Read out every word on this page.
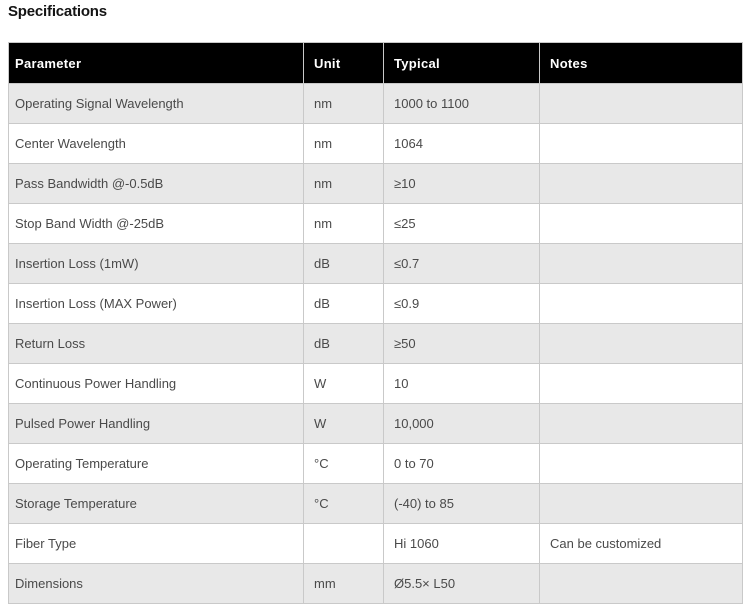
Specifications
Parameter	Unit	Typical	Notes
Operating Signal Wavelength	nm	1000 to 1100	
Center Wavelength	nm	1064	
Pass Bandwidth @-0.5dB	nm	≥10	
Stop Band Width @-25dB	nm	≤25	
Insertion Loss (1mW)	dB	≤0.7	
Insertion Loss (MAX Power)	dB	≤0.9	
Return Loss	dB	≥50	
Continuous Power Handling	W	10	
Pulsed Power Handling	W	10,000	
Operating Temperature	°C	0 to 70	
Storage Temperature	°C	(-40) to 85	
Fiber Type		Hi 1060	Can be customized
Dimensions	mm	Ø5.5× L50	
